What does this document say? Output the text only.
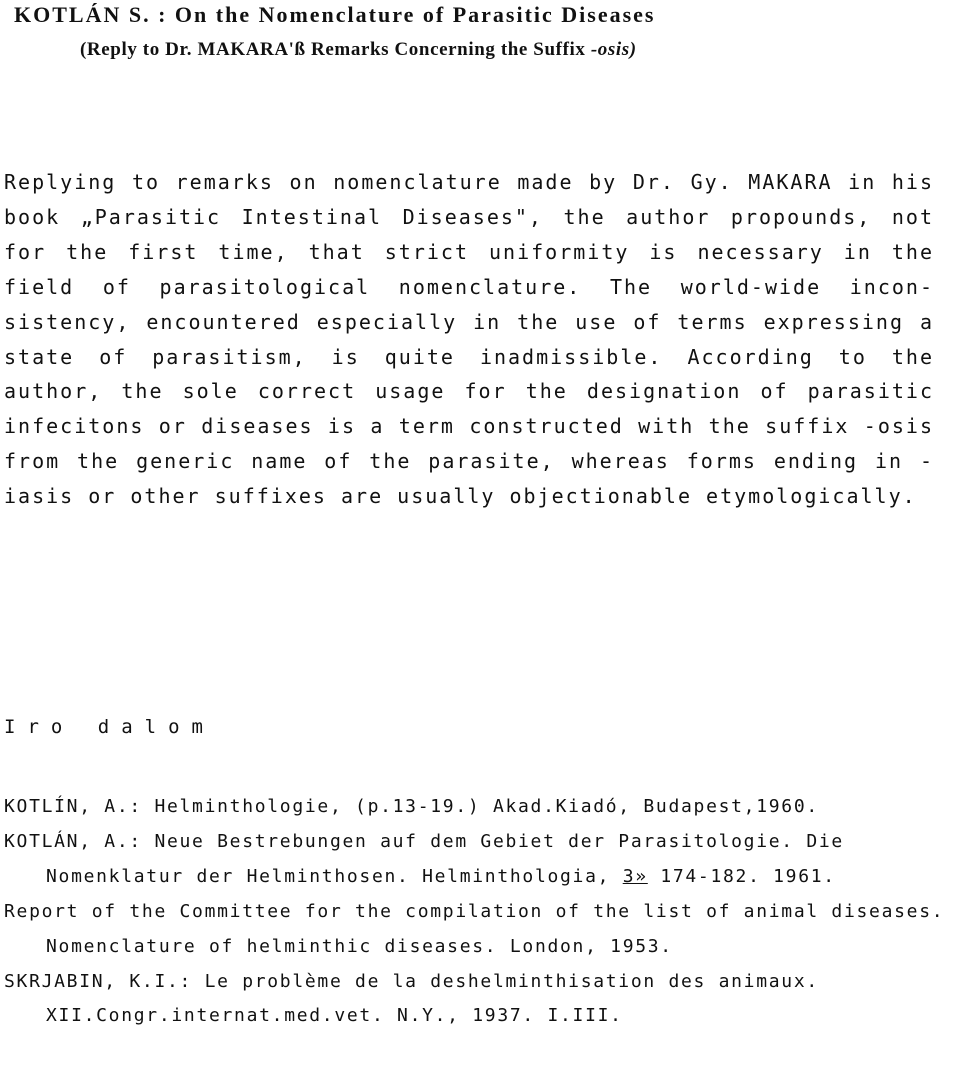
KOTLÁN S. : On the Nomenclature of Parasitic Diseases
(Reply to Dr. MAKARA'ß Remarks Concerning the Suffix -osis)

Replying to remarks on nomenclature made by Dr. Gy. MAKARA in his book „Parasitic Intestinal Diseases", the author propounds, not for the first time, that strict uniformity is necessary in the field of parasitological nomenclature. The world-wide incon- sistency, encountered especially in the use of terms expressing a state of parasitism, is quite inadmissible. According to the author, the sole correct usage for the designation of parasitic infecitons or diseases is a term constructed with the suffix -osis from the generic name of the parasite, whereas forms ending in -iasis or other suffixes are usually objectionable etymologically.

Iro dalom

KOTLÍN, A.: Helminthologie, (p.13-19.) Akad.Kiadó, Budapest,1960.

KOTLÁN, A.: Neue Bestrebungen auf dem Gebiet der Parasitologie. Die Nomenklatur der Helminthosen. Helminthologia, 3» 174-182. 1961.

Report of the Committee for the compilation of the list of animal diseases. Nomenclature of helminthic diseases. London, 1953.

SKRJABIN, K.I.: Le problème de la deshelminthisation des animaux. XII.Congr.internat.med.vet. N.Y., 1937. I.III.
